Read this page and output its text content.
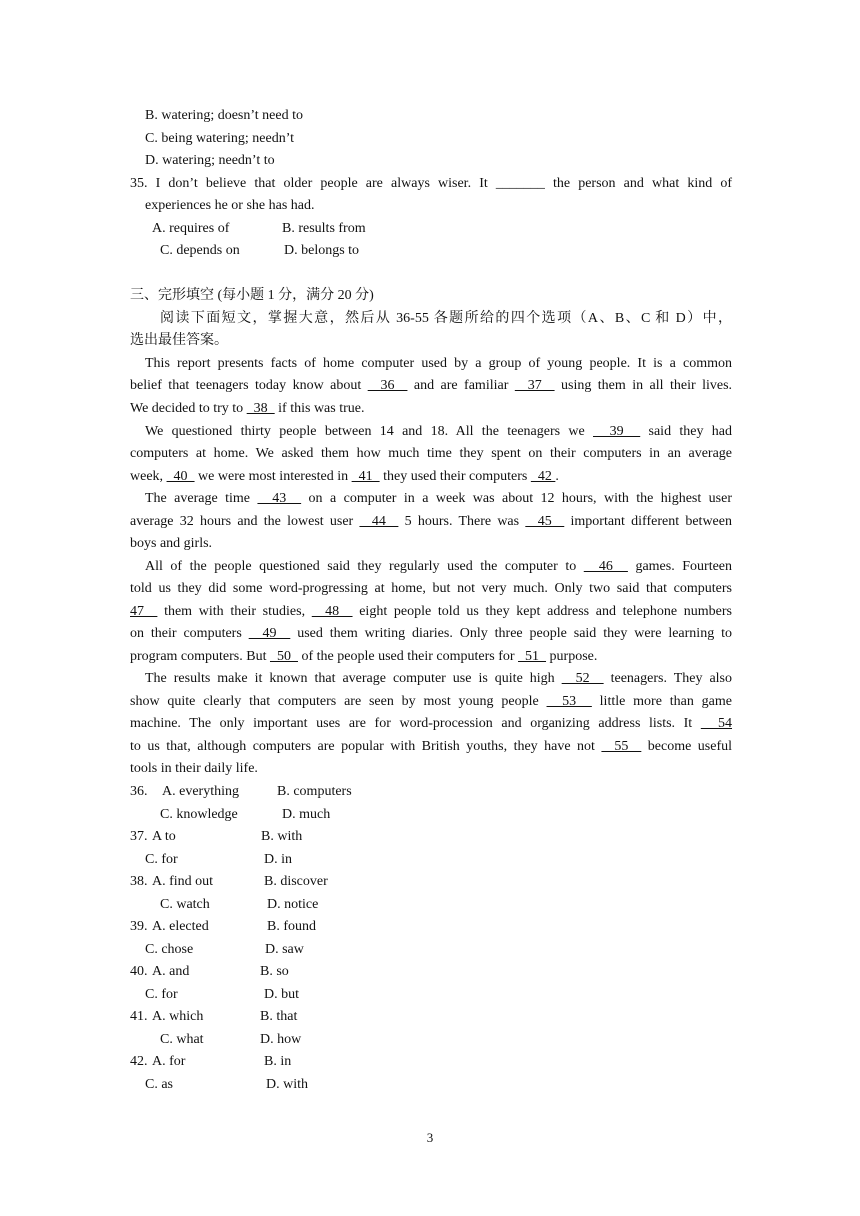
B. watering; doesn’t need to
C. being watering; needn’t
D. watering; needn’t to
35. I don’t believe that older people are always wiser. It _______ the person and what kind of
experiences he or she has had.
A. requires of	B. results from
C. depends on	D. belongs to
三、完形填空 (每小题 1 分，满分 20 分)
阅读下面短文，掌握大意，然后从 36-55 各题所给的四个选项（A、B、C 和 D）中，
选出最佳答案。
This report presents facts of home computer used by a group of young people. It is a common
belief that teenagers today know about   36   and are familiar   37   using them in all their lives.
We decided to try to   38   if this was true.
We questioned thirty people between 14 and 18. All the teenagers we   39   said they had
computers at home. We asked them how much time they spent on their computers in an average
week,   40   we were most interested in   41   they used their computers   42 .
The average time   43   on a computer in a week was about 12 hours, with the highest user
average 32 hours and the lowest user   44   5 hours. There was   45   important different between
boys and girls.
All of the people questioned said they regularly used the computer to   46   games. Fourteen
told us they did some word-progressing at home, but not very much. Only two said that computers
47   them with their studies,   48   eight people told us they kept address and telephone numbers
on their computers   49   used them writing diaries. Only three people said they were learning to
program computers. But   50   of the people used their computers for   51   purpose.
The results make it known that average computer use is quite high   52   teenagers. They also
show quite clearly that computers are seen by most young people   53   little more than game
machine. The only important uses are for word-procession and organizing address lists. It   54
to us that, although computers are popular with British youths, they have not   55   become useful
tools in their daily life.
36. A. everything	B. computers
C. knowledge	D. much
37. A to	B. with
C. for	D. in
38. A. find out	B. discover
C. watch	D. notice
39. A. elected	B. found
C. chose	D. saw
40. A. and	B. so
C. for	D. but
41. A. which	B. that
C. what	D. how
42. A. for	B. in
C. as	D. with
3
